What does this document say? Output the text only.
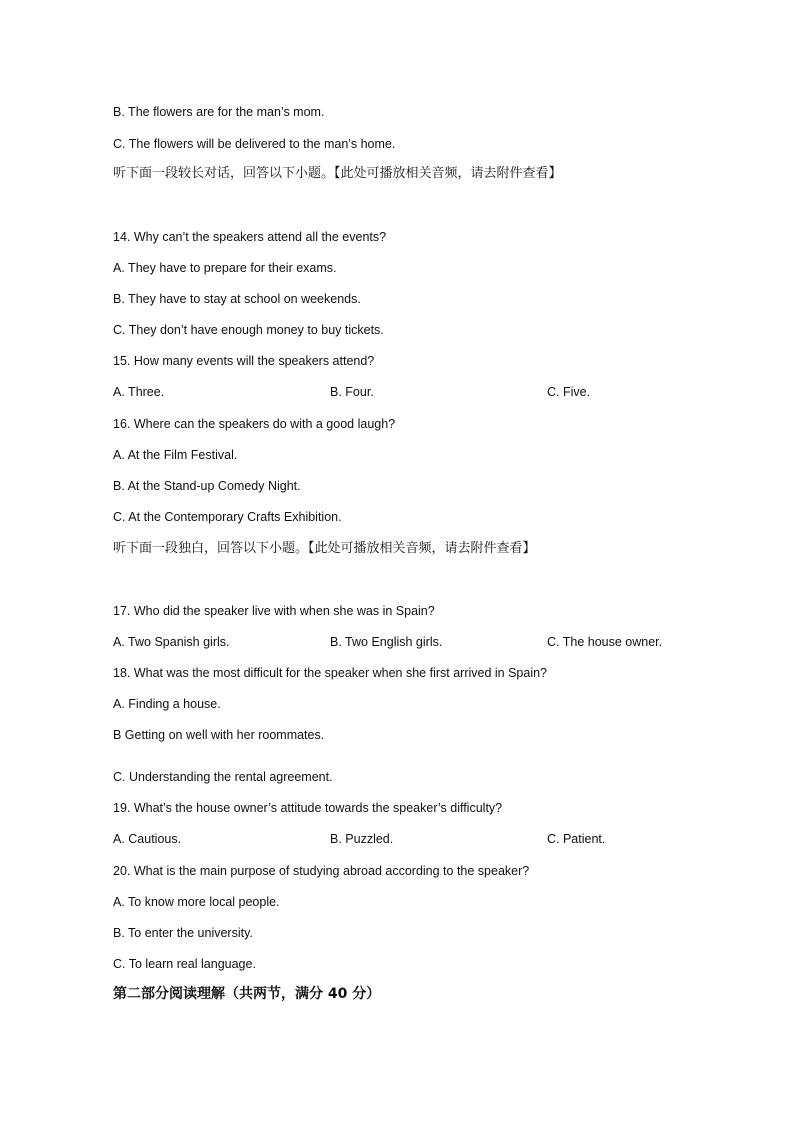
B. The flowers are for the man’s mom.
C. The flowers will be delivered to the man’s home.
听下面一段较长对话，回答以下小题。【此处可播放相关音频，请去附件查看】
14. Why can’t the speakers attend all the events?
A. They have to prepare for their exams.
B. They have to stay at school on weekends.
C. They don’t have enough money to buy tickets.
15. How many events will the speakers attend?
A. Three.	B. Four.	C. Five.
16. Where can the speakers do with a good laugh?
A. At the Film Festival.
B. At the Stand-up Comedy Night.
C. At the Contemporary Crafts Exhibition.
听下面一段独白，回答以下小题。【此处可播放相关音频，请去附件查看】
17. Who did the speaker live with when she was in Spain?
A. Two Spanish girls.	B. Two English girls.	C. The house owner.
18. What was the most difficult for the speaker when she first arrived in Spain?
A. Finding a house.
B Getting on well with her roommates.
C. Understanding the rental agreement.
19. What’s the house owner’s attitude towards the speaker’s difficulty?
A. Cautious.	B. Puzzled.	C. Patient.
20. What is the main purpose of studying abroad according to the speaker?
A. To know more local people.
B. To enter the university.
C. To learn real language.
第二部分阅读理解（共两节，满分 40 分）
